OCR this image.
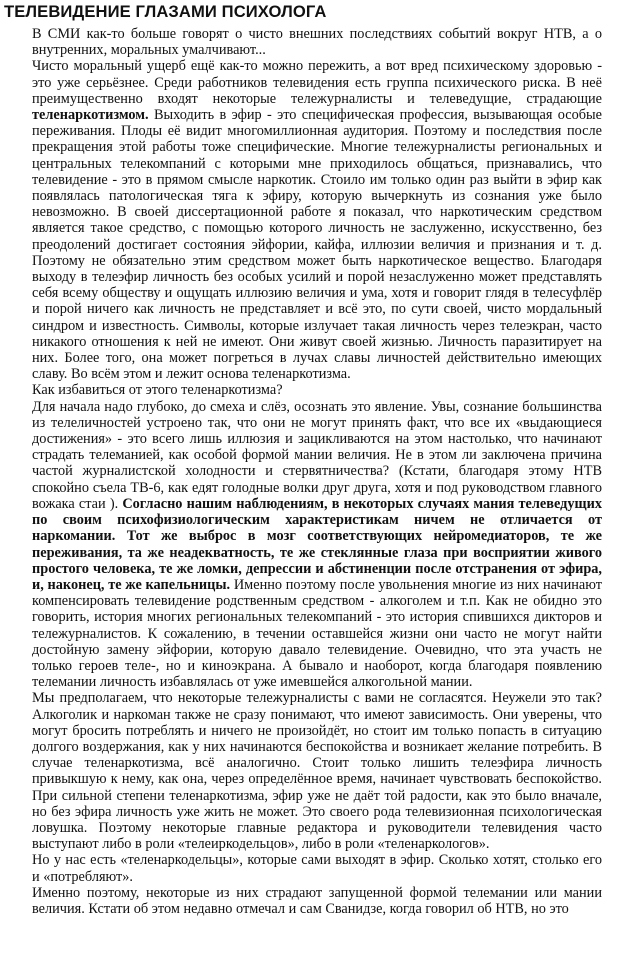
ТЕЛЕВИДЕНИЕ ГЛАЗАМИ ПСИХОЛОГА

В СМИ как-то больше говорят о чисто внешних последствиях событий вокруг НТВ, а о внутренних, моральных умалчивают...

Чисто моральный ущерб ещё как-то можно пережить, а вот вред психическому здоровью - это уже серьёзнее. Среди работников телевидения есть группа психического риска. В неё преимущественно входят некоторые тележурналисты и телеведущие, страдающие теленаркотизмом. Выходить в эфир - это специфическая профессия, вызывающая особые переживания. Плоды её видит многомиллионная аудитория. Поэтому и последствия после прекращения этой работы тоже специфические. Многие тележурналисты региональных и центральных телекомпаний с которыми мне приходилось общаться, признавались, что телевидение - это в прямом смысле наркотик. Стоило им только один раз выйти в эфир как появлялась патологическая тяга к эфиру, которую вычеркнуть из сознания уже было невозможно. В своей диссертационной работе я показал, что наркотическим средством является такое средство, с помощью которого личность не заслуженно, искусственно, без преодолений достигает состояния эйфории, кайфа, иллюзии величия и признания и т. д. Поэтому не обязательно этим средством может быть наркотическое вещество. Благодаря выходу в телеэфир личность без особых усилий и порой незаслуженно может представлять себя всему обществу и ощущать иллюзию величия и ума, хотя и говорит глядя в телесуфлёр и порой ничего как личность не представляет и всё это, по сути своей, чисто мордальный синдром и известность. Символы, которые излучает такая личность через телеэкран, часто никакого отношения к ней не имеют. Они живут своей жизнью. Личность паразитирует на них. Более того, она может погреться в лучах славы личностей действительно имеющих славу. Во всём этом и лежит основа теленаркотизма.

Как избавиться от этого теленаркотизма?

Для начала надо глубоко, до смеха и слёз, осознать это явление. Увы, сознание большинства из телеличностей устроено так, что они не могут принять факт, что все их «выдающиеся достижения» - это всего лишь иллюзия и зацикливаются на этом настолько, что начинают страдать телеманией, как особой формой мании величия. Не в этом ли заключена причина частой журналистской холодности и стервятничества? (Кстати, благодаря этому НТВ спокойно съела ТВ-6, как едят голодные волки друг друга, хотя и под руководством главного вожака стаи ). Согласно нашим наблюдениям, в некоторых случаях мания телеведущих по своим психофизиологическим характеристикам ничем не отличается от наркомании. Тот же выброс в мозг соответствующих нейромедиаторов, те же переживания, та же неадекватность, те же стеклянные глаза при восприятии живого простого человека, те же ломки, депрессии и абстиненции после отстранения от эфира, и, наконец, те же капельницы. Именно поэтому после увольнения многие из них начинают компенсировать телевидение родственным средством - алкоголем и т.п. Как не обидно это говорить, история многих региональных телекомпаний - это история спившихся дикторов и тележурналистов. К сожалению, в течении оставшейся жизни они часто не могут найти достойную замену эйфории, которую давало телевидение. Очевидно, что эта участь не только героев теле-, но и киноэкрана. А бывало и наоборот, когда благодаря появлению телемании личность избавлялась от уже имевшейся алкогольной мании.

Мы предполагаем, что некоторые тележурналисты с вами не согласятся. Неужели это так? Алкоголик и наркоман также не сразу понимают, что имеют зависимость. Они уверены, что могут бросить потреблять и ничего не произойдёт, но стоит им только попасть в ситуацию долгого воздержания, как у них начинаются беспокойства и возникает желание потребить. В случае теленаркотизма, всё аналогично. Стоит только лишить телеэфира личность привыкшую к нему, как она, через определённое время, начинает чувствовать беспокойство. При сильной степени теленаркотизма, эфир уже не даёт той радости, как это было вначале, но без эфира личность уже жить не может. Это своего рода телевизионная психологическая ловушка. Поэтому некоторые главные редактора и руководители телевидения часто выступают либо в роли «телеиркодельцов», либо в роли «теленаркологов».

Но у нас есть «теленаркодельцы», которые сами выходят в эфир. Сколько хотят, столько его и «потребляют».

Именно поэтому, некоторые из них страдают запущенной формой телемании или мании величия. Кстати об этом недавно отмечал и сам Сванидзе, когда говорил об НТВ, но это
